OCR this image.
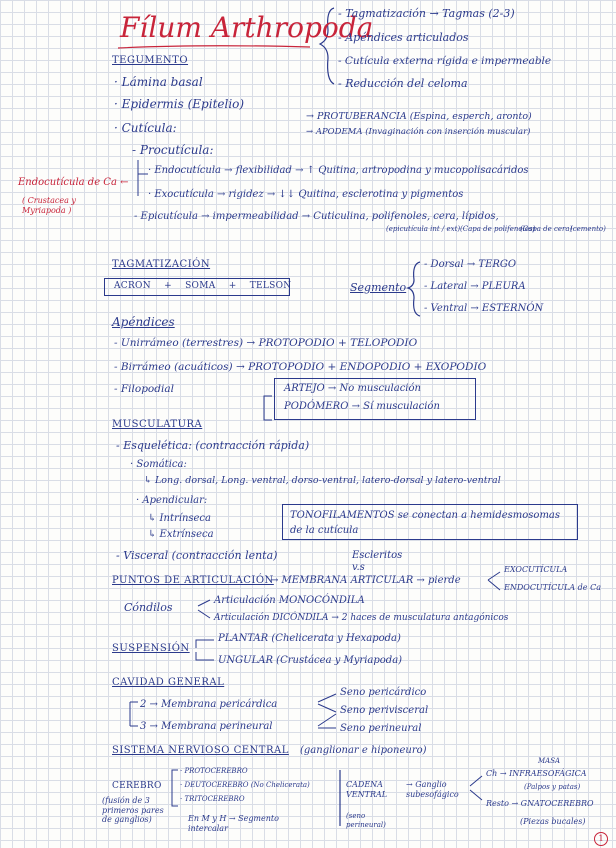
Fílum Arthropoda
- Tagmatización → Tagmas (2-3)
- Apéndices articulados
- Cutícula externa rígida e impermeable
- Reducción del celoma
TEGUMENTO
· Lámina basal
· Epidermis (Epitelio)
· Cutícula:
→ PROTUBERANCIA (Espina, esperch, aronto)
→ APODEMA (Invaginación con inserción muscular)
- Procutícula:
· Endocutícula → flexibilidad → ↑ Quitina, artropodina y mucopolisacáridos
· Exocutícula → rigidez → ↓↓ Quitina, esclerotina y pigmentos
- Epicutícula → impermeabilidad → Cuticulina, polifenoles, cera, lípidos,
(epicutícula int / ext) (Capa de polifenoles)
(Capa de cera)
(cemento)
Endocutícula de Ca ←
( Crustacea y Myriapoda )
TAGMATIZACIÓN
ACRON + SOMA + TELSON	Segmento
- Dorsal → TERGO
- Lateral → PLEURA
- Ventral → ESTERNÓN
Apéndices
- Unirrámeo (terrestres) → PROTOPODIO + TELOPODIO
- Birrámeo (acuáticos) → PROTOPODIO + ENDOPODIO + EXOPODIO
- Filopodial	ARTEJO → No musculación
PODÓMERO → Sí musculación
MUSCULATURA
- Esquelética: (contracción rápida)
· Somática:
↳ Long. dorsal, Long. ventral, dorso-ventral, latero-dorsal y latero-ventral
· Apendicular:
↳ Intrínseca
↳ Extrínseca
TONOFILAMENTOS se conectan a hemidesmosomas de la cutícula
- Visceral (contracción lenta)	Escleritos v.s
PUNTOS DE ARTICULACIÓN
→ MEMBRANA ARTICULAR → pierde
EXOCUTÍCULA
ENDOCUTÍCULA de Ca
Cóndilos
Articulación MONOCÓNDILA
Articulación DICÓNDILA → 2 haces de musculatura antagónicos
SUSPENSIÓN
PLANTAR (Chelicerata y Hexapoda)
UNGULAR (Crustácea y Myriapoda)
CAVIDAD GENERAL
2 → Membrana pericárdica
3 → Membrana perineural
Seno pericárdico
Seno perivisceral
Seno perineural
SISTEMA NERVIOSO CENTRAL (ganglionar e hiponeuro)
CEREBRO
· PROTOCEREBRO
· DEUTOCEREBRO (No Chelicerata)
· TRITOCEREBRO
(fusión de 3 primeros pares de ganglios)	En M y H → Segmento intercalar
CADENA VENTRAL
(seno perineural)
→ Ganglio subesofágico
MASA
Ch → INFRAESOFÁGICA
(Palpos y patas)
Resto → GNATOCEREBRO
(Piezas bucales)
1
